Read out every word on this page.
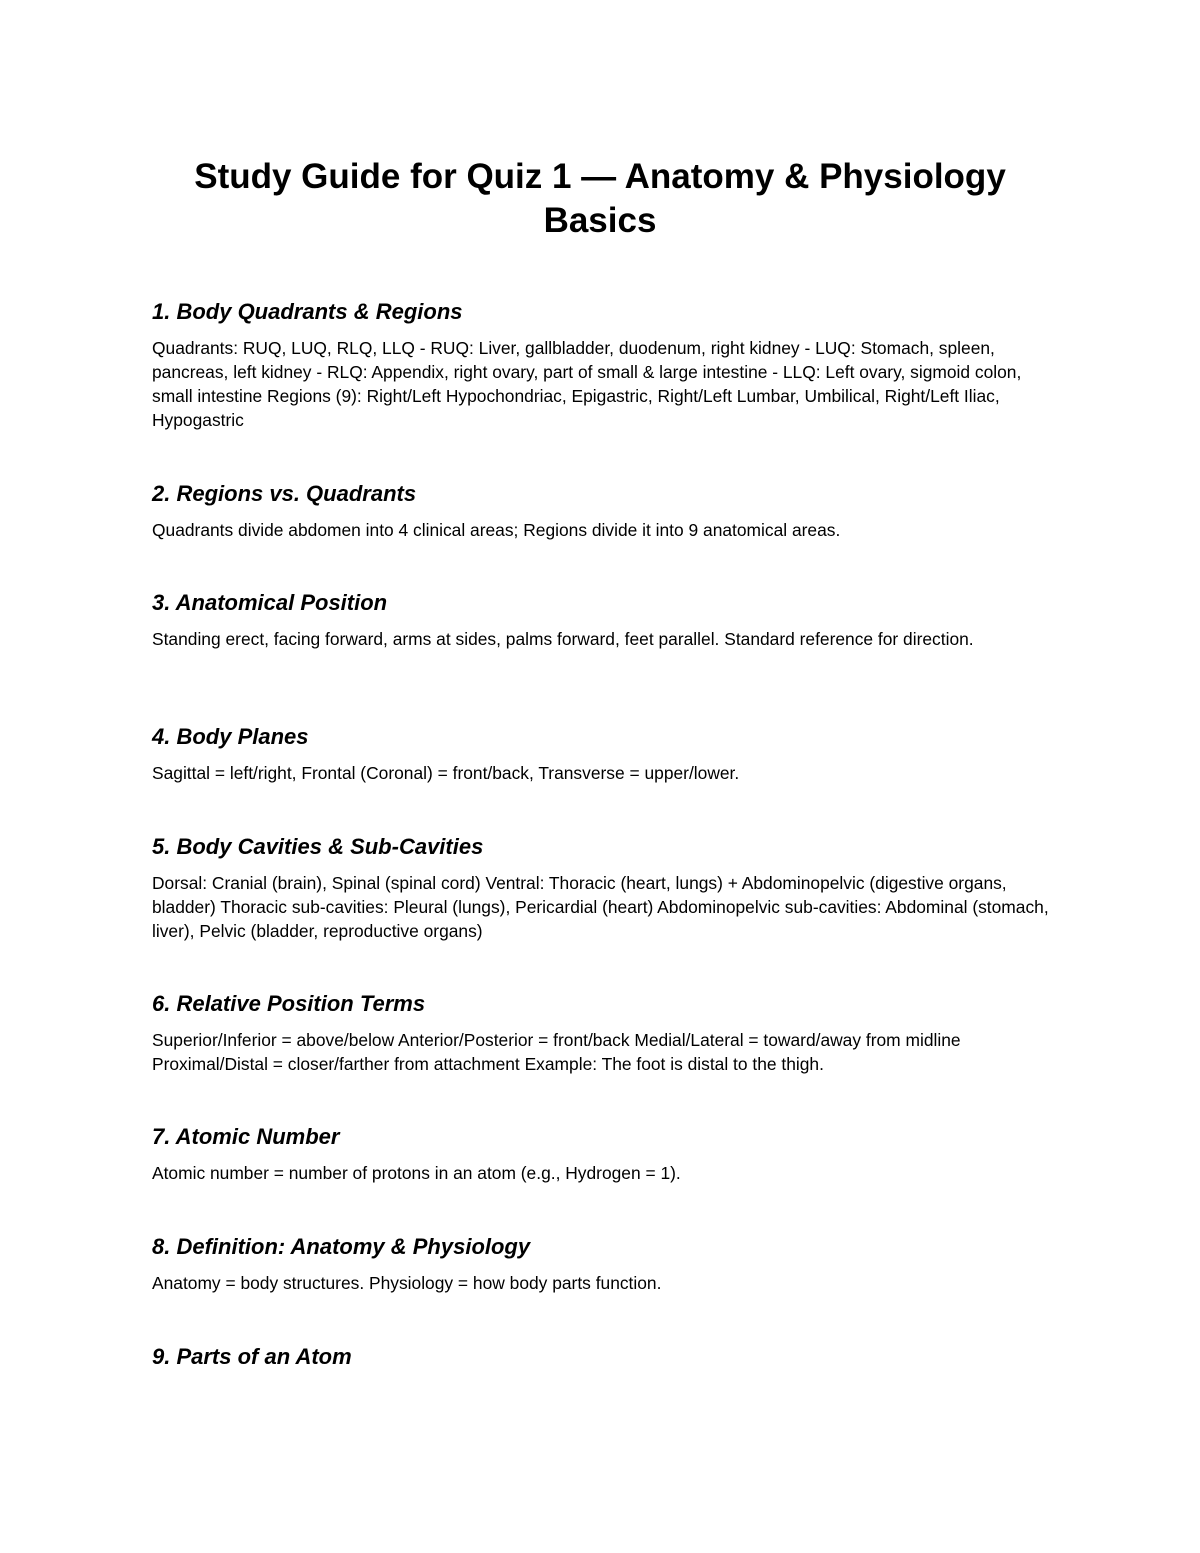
Study Guide for Quiz 1 — Anatomy & Physiology Basics
1. Body Quadrants & Regions

Quadrants: RUQ, LUQ, RLQ, LLQ - RUQ: Liver, gallbladder, duodenum, right kidney - LUQ: Stomach, spleen, pancreas, left kidney - RLQ: Appendix, right ovary, part of small & large intestine - LLQ: Left ovary, sigmoid colon, small intestine Regions (9): Right/Left Hypochondriac, Epigastric, Right/Left Lumbar, Umbilical, Right/Left Iliac, Hypogastric

2. Regions vs. Quadrants

Quadrants divide abdomen into 4 clinical areas; Regions divide it into 9 anatomical areas.

3. Anatomical Position

Standing erect, facing forward, arms at sides, palms forward, feet parallel. Standard reference for direction.

4. Body Planes

Sagittal = left/right, Frontal (Coronal) = front/back, Transverse = upper/lower.

5. Body Cavities & Sub-Cavities

Dorsal: Cranial (brain), Spinal (spinal cord) Ventral: Thoracic (heart, lungs) + Abdominopelvic (digestive organs, bladder) Thoracic sub-cavities: Pleural (lungs), Pericardial (heart) Abdominopelvic sub-cavities: Abdominal (stomach, liver), Pelvic (bladder, reproductive organs)

6. Relative Position Terms

Superior/Inferior = above/below Anterior/Posterior = front/back Medial/Lateral = toward/away from midline Proximal/Distal = closer/farther from attachment Example: The foot is distal to the thigh.

7. Atomic Number

Atomic number = number of protons in an atom (e.g., Hydrogen = 1).

8. Definition: Anatomy & Physiology

Anatomy = body structures. Physiology = how body parts function.

9. Parts of an Atom
